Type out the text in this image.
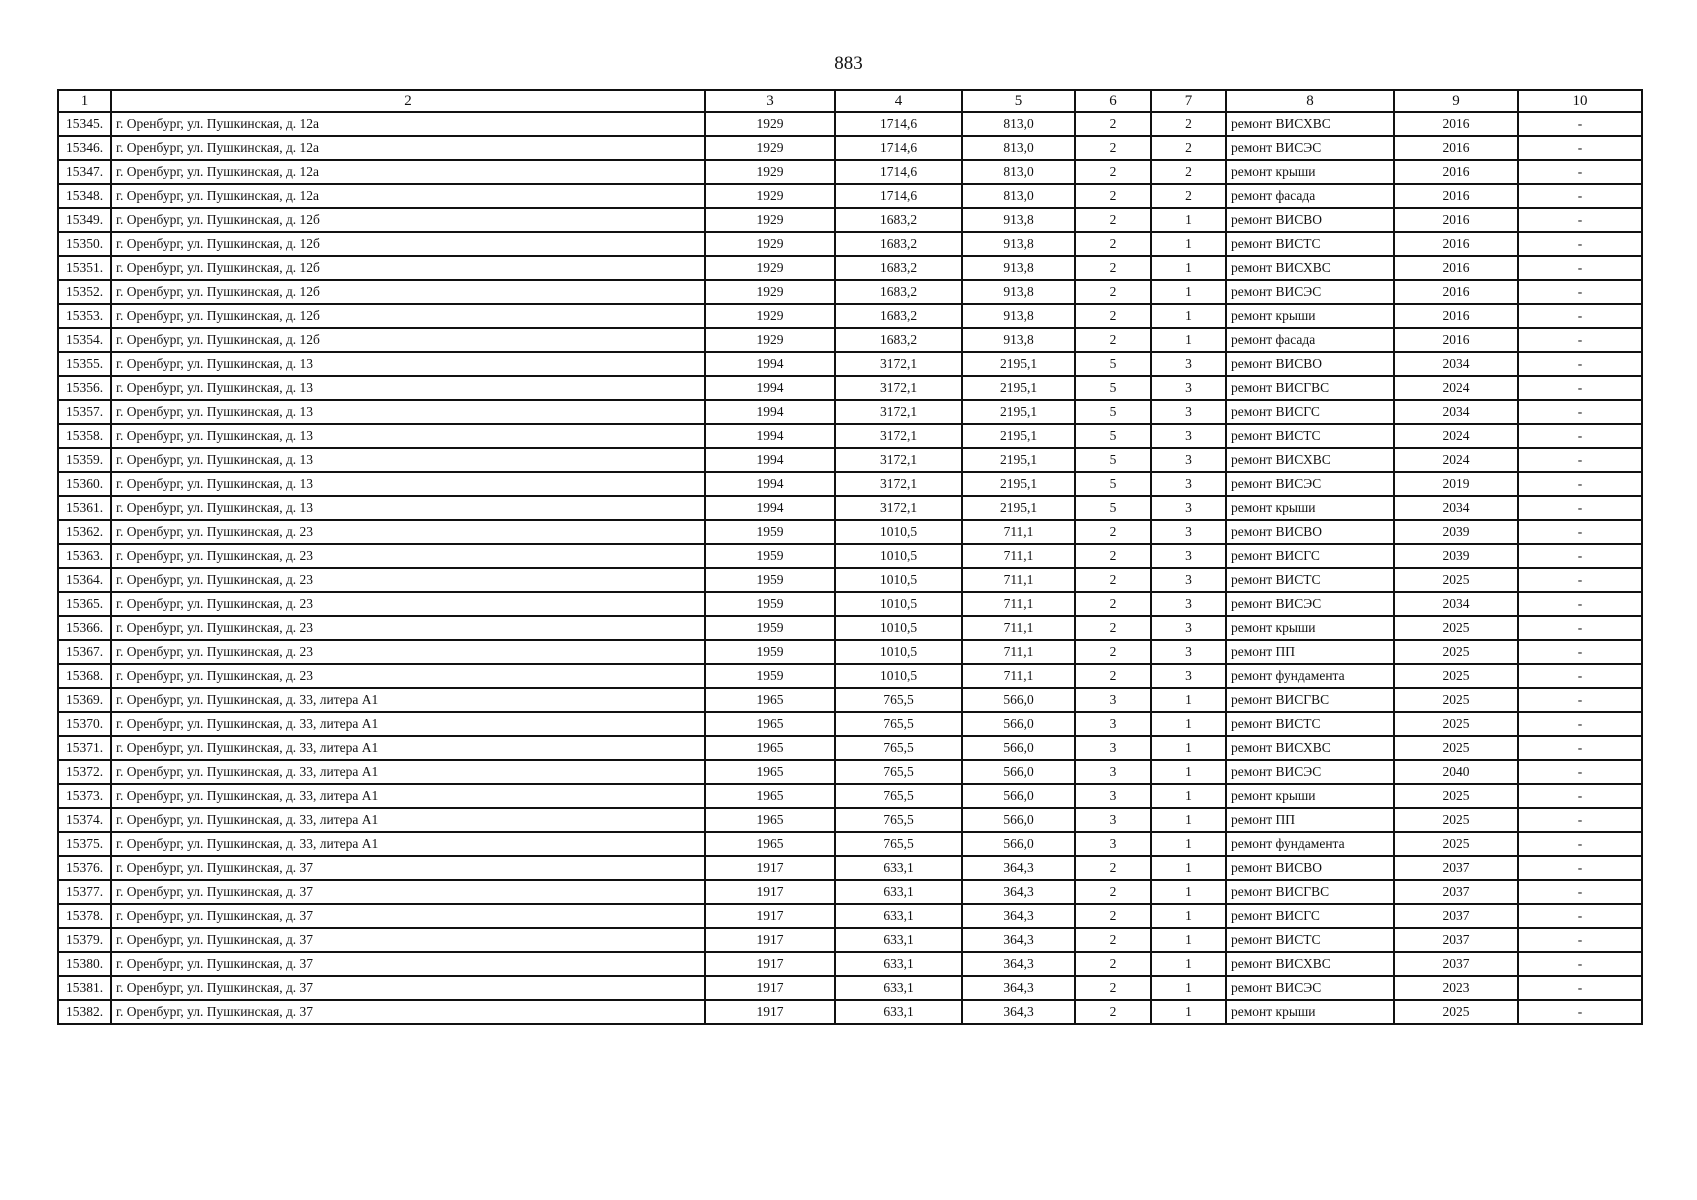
883
1	2	3	4	5	6	7	8	9	10
15345.	г. Оренбург, ул. Пушкинская, д. 12а	1929	1714,6	813,0	2	2	ремонт ВИСХВС	2016	-
15346.	г. Оренбург, ул. Пушкинская, д. 12а	1929	1714,6	813,0	2	2	ремонт ВИСЭС	2016	-
15347.	г. Оренбург, ул. Пушкинская, д. 12а	1929	1714,6	813,0	2	2	ремонт крыши	2016	-
15348.	г. Оренбург, ул. Пушкинская, д. 12а	1929	1714,6	813,0	2	2	ремонт фасада	2016	-
15349.	г. Оренбург, ул. Пушкинская, д. 12б	1929	1683,2	913,8	2	1	ремонт ВИСВО	2016	-
15350.	г. Оренбург, ул. Пушкинская, д. 12б	1929	1683,2	913,8	2	1	ремонт ВИСТС	2016	-
15351.	г. Оренбург, ул. Пушкинская, д. 12б	1929	1683,2	913,8	2	1	ремонт ВИСХВС	2016	-
15352.	г. Оренбург, ул. Пушкинская, д. 12б	1929	1683,2	913,8	2	1	ремонт ВИСЭС	2016	-
15353.	г. Оренбург, ул. Пушкинская, д. 12б	1929	1683,2	913,8	2	1	ремонт крыши	2016	-
15354.	г. Оренбург, ул. Пушкинская, д. 12б	1929	1683,2	913,8	2	1	ремонт фасада	2016	-
15355.	г. Оренбург, ул. Пушкинская, д. 13	1994	3172,1	2195,1	5	3	ремонт ВИСВО	2034	-
15356.	г. Оренбург, ул. Пушкинская, д. 13	1994	3172,1	2195,1	5	3	ремонт ВИСГВС	2024	-
15357.	г. Оренбург, ул. Пушкинская, д. 13	1994	3172,1	2195,1	5	3	ремонт ВИСГС	2034	-
15358.	г. Оренбург, ул. Пушкинская, д. 13	1994	3172,1	2195,1	5	3	ремонт ВИСТС	2024	-
15359.	г. Оренбург, ул. Пушкинская, д. 13	1994	3172,1	2195,1	5	3	ремонт ВИСХВС	2024	-
15360.	г. Оренбург, ул. Пушкинская, д. 13	1994	3172,1	2195,1	5	3	ремонт ВИСЭС	2019	-
15361.	г. Оренбург, ул. Пушкинская, д. 13	1994	3172,1	2195,1	5	3	ремонт крыши	2034	-
15362.	г. Оренбург, ул. Пушкинская, д. 23	1959	1010,5	711,1	2	3	ремонт ВИСВО	2039	-
15363.	г. Оренбург, ул. Пушкинская, д. 23	1959	1010,5	711,1	2	3	ремонт ВИСГС	2039	-
15364.	г. Оренбург, ул. Пушкинская, д. 23	1959	1010,5	711,1	2	3	ремонт ВИСТС	2025	-
15365.	г. Оренбург, ул. Пушкинская, д. 23	1959	1010,5	711,1	2	3	ремонт ВИСЭС	2034	-
15366.	г. Оренбург, ул. Пушкинская, д. 23	1959	1010,5	711,1	2	3	ремонт крыши	2025	-
15367.	г. Оренбург, ул. Пушкинская, д. 23	1959	1010,5	711,1	2	3	ремонт ПП	2025	-
15368.	г. Оренбург, ул. Пушкинская, д. 23	1959	1010,5	711,1	2	3	ремонт фундамента	2025	-
15369.	г. Оренбург, ул. Пушкинская, д. 33, литера А1	1965	765,5	566,0	3	1	ремонт ВИСГВС	2025	-
15370.	г. Оренбург, ул. Пушкинская, д. 33, литера А1	1965	765,5	566,0	3	1	ремонт ВИСТС	2025	-
15371.	г. Оренбург, ул. Пушкинская, д. 33, литера А1	1965	765,5	566,0	3	1	ремонт ВИСХВС	2025	-
15372.	г. Оренбург, ул. Пушкинская, д. 33, литера А1	1965	765,5	566,0	3	1	ремонт ВИСЭС	2040	-
15373.	г. Оренбург, ул. Пушкинская, д. 33, литера А1	1965	765,5	566,0	3	1	ремонт крыши	2025	-
15374.	г. Оренбург, ул. Пушкинская, д. 33, литера А1	1965	765,5	566,0	3	1	ремонт ПП	2025	-
15375.	г. Оренбург, ул. Пушкинская, д. 33, литера А1	1965	765,5	566,0	3	1	ремонт фундамента	2025	-
15376.	г. Оренбург, ул. Пушкинская, д. 37	1917	633,1	364,3	2	1	ремонт ВИСВО	2037	-
15377.	г. Оренбург, ул. Пушкинская, д. 37	1917	633,1	364,3	2	1	ремонт ВИСГВС	2037	-
15378.	г. Оренбург, ул. Пушкинская, д. 37	1917	633,1	364,3	2	1	ремонт ВИСГС	2037	-
15379.	г. Оренбург, ул. Пушкинская, д. 37	1917	633,1	364,3	2	1	ремонт ВИСТС	2037	-
15380.	г. Оренбург, ул. Пушкинская, д. 37	1917	633,1	364,3	2	1	ремонт ВИСХВС	2037	-
15381.	г. Оренбург, ул. Пушкинская, д. 37	1917	633,1	364,3	2	1	ремонт ВИСЭС	2023	-
15382.	г. Оренбург, ул. Пушкинская, д. 37	1917	633,1	364,3	2	1	ремонт крыши	2025	-
